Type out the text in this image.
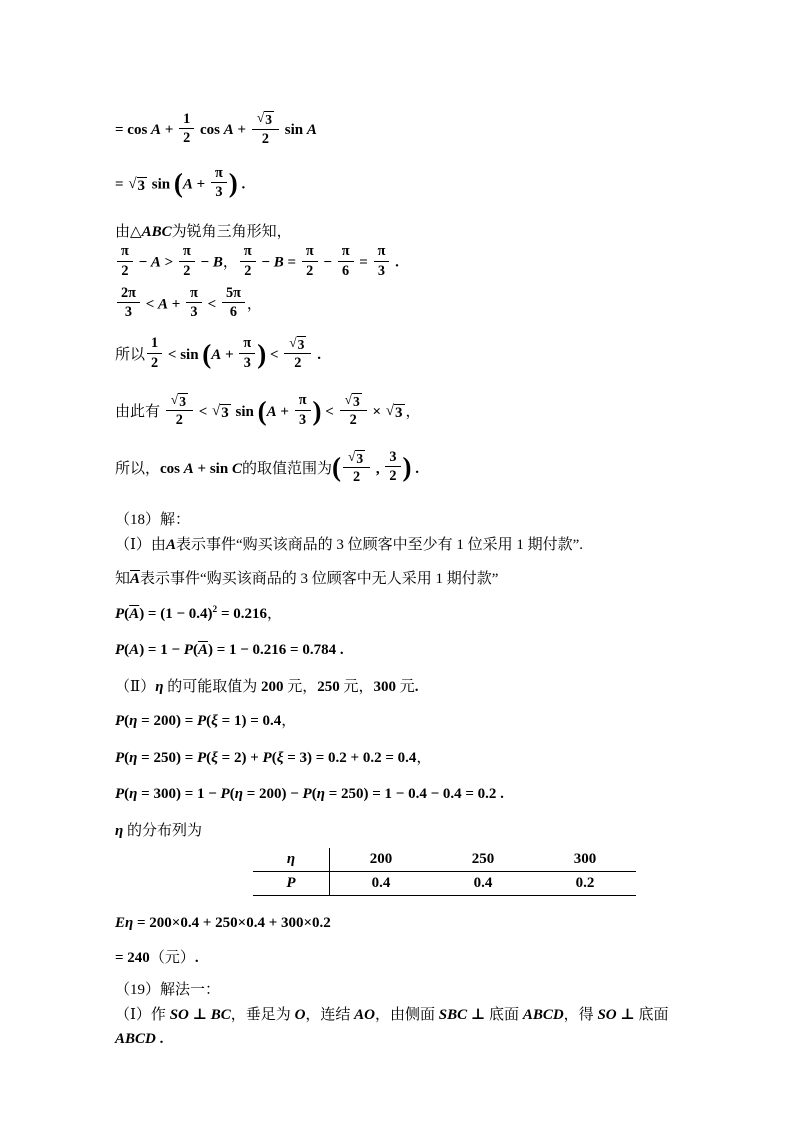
= $\cos A + \frac{1}{2}$ $\cos A + \frac{√ 3}{2}$ sin A
= √ 3 $\sin (A + \frac{\pi}{3}$ ) .
由△ABC为锐角三角形知，
$\frac{\pi}{2} - A > \frac{\pi}{2} - B$， $\frac{\pi}{2} - B = \frac{\pi}{2} - \frac{\pi}{6} = \frac{\pi}{3}$ .
$\frac{2\pi}{3} < A + \frac{\pi}{3} < \frac{5\pi}{6}$ ，
所以 $\frac{1}{2} < \sin (A + \frac{\pi}{3}$ ) < $\frac{√ 3}{2}$ .
由此有 $\frac{√ 3}{2}$ < √ 3 $\sin (A + \frac{\pi}{3}$ ) < $\frac{√ 3}{2}$ × √ 3 ，
所以，cos A + sin C的取值范围为( $\frac{√ 3}{2}$ , $\frac{3}{2}$ ) .
（18）解：
（Ⅰ）由A表示事件“购买该商品的 3 位顾客中至少有 1 位采用 1 期付款”.
知$\overline{A}$表示事件“购买该商品的 3 位顾客中无人采用 1 期付款”
$P(\overline{A}) = (1 - 0.4)^2 = 0.216$，
$P(A) = 1 - P(\overline{A}) = 1 - 0.216 = 0.784$ .
（Ⅱ）η 的可能取值为 200 元，250 元，300 元.
P(η = 200) = P(ξ = 1) = 0.4，
P(η = 250) = P(ξ = 2) + P(ξ = 3) = 0.2 + 0.2 = 0.4，
P(η = 300) = 1 − P(η = 200) − P(η = 250) = 1 − 0.4 − 0.4 = 0.2 .
η 的分布列为
η	200	250	300
P	0.4	0.4	0.2
Eη = 200×0.4 + 250×0.4 + 300×0.2
= 240（元）.
（19）解法一：
（Ⅰ）作 SO ⊥ BC，垂足为 O，连结 AO，由侧面 SBC ⊥ 底面 ABCD，得 SO ⊥ 底面
ABCD .
